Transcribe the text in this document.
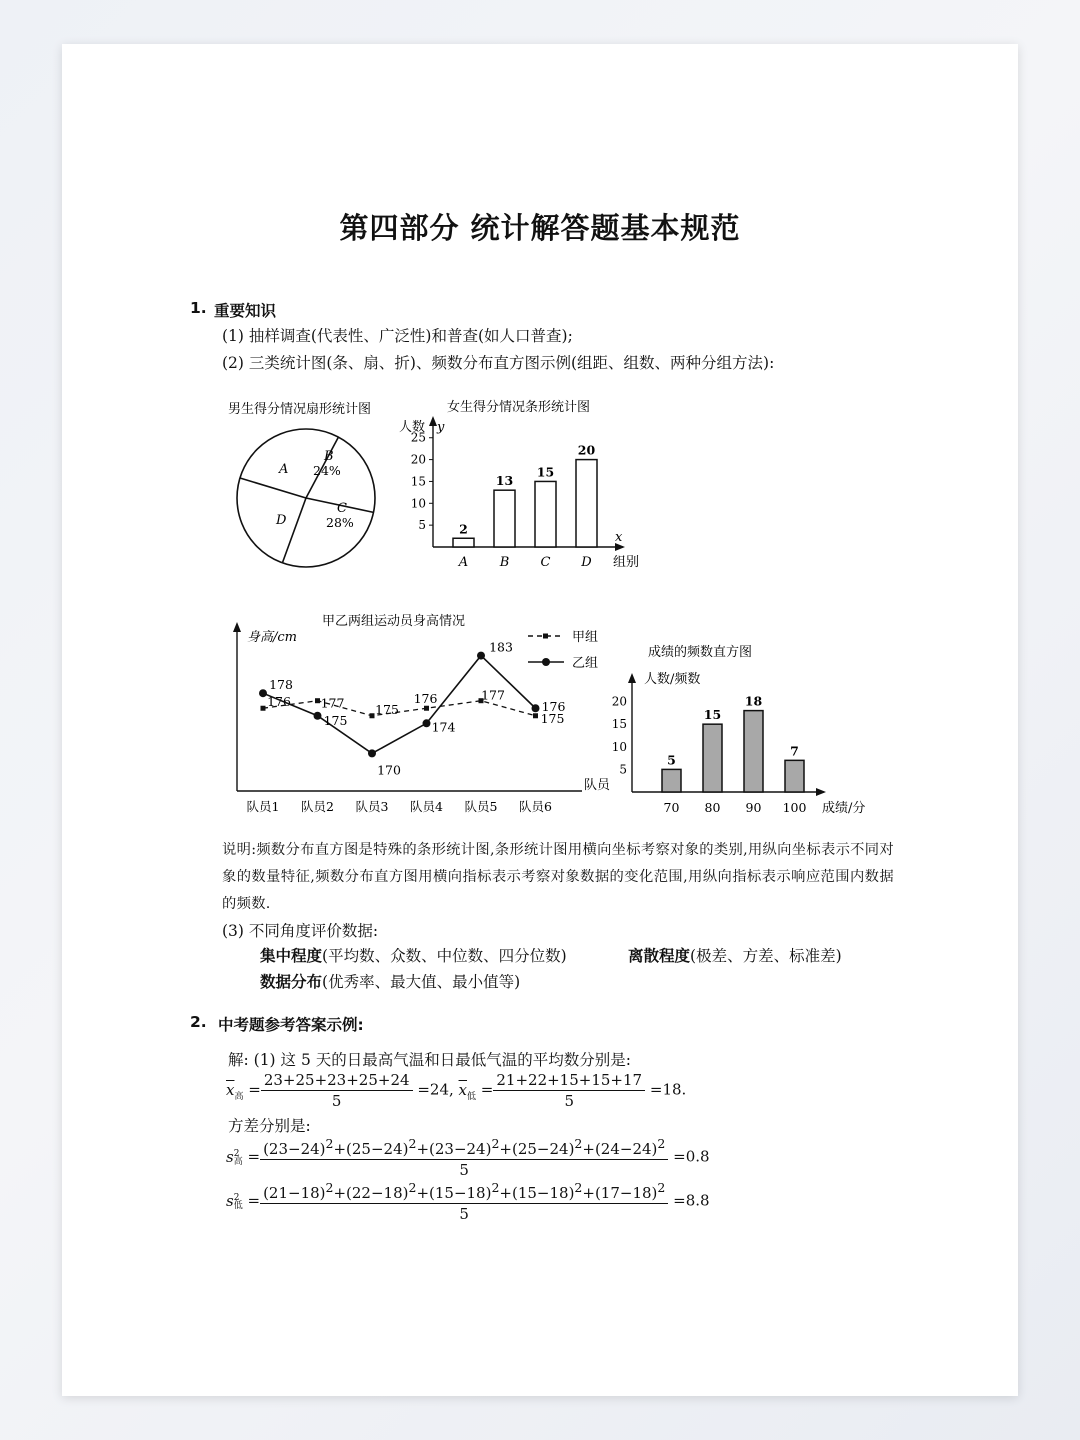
第四部分 统计解答题基本规范
1. 重要知识
(1) 抽样调查(代表性、广泛性)和普查(如人口普查);
(2) 三类统计图(条、扇、折)、频数分布直方图示例(组距、组数、两种分组方法):
男生得分情况扇形统计图
A
B
24%
C
28%
D
女生得分情况条形统计图
人数 y
x
组别
5
10
15
20
25
2
A
13
B
15
C
20
D
甲乙两组运动员身高情况
身高/cm
队员
队员1 队员2 队员3 队员4 队员5 队员6
176 177 175
176	177
175
178
175
170
174
183
176
甲组
乙组
成绩的频数直方图
人数/频数
成绩/分
5
10
15
20
5
70
15
80
18
90
7
100
说明:频数分布直方图是特殊的条形统计图,条形统计图用横向坐标考察对象的类别,用纵向坐标表示不同对象的数量特征,频数分布直方图用横向指标表示考察对象数据的变化范围,用纵向指标表示响应范围内数据的频数.
(3) 不同角度评价数据:
集中程度(平均数、众数、中位数、四分位数)	离散程度(极差、方差、标准差)
数据分布(优秀率、最大值、最小值等)
2. 中考题参考答案示例:
解: (1) 这 5 天的日最高气温和日最低气温的平均数分别是:
$\overline{x}_高 = \frac{23+25+23+25+24}{5} =24$, $\overline{x}_低 = \frac{21+22+15+15+17}{5} =18$.
方差分别是:
s 2
高 = $\frac{(23-24)^2+(25-24)^2+(23-24)^2+(25-24)^2+(24-24)^2}{5} =0.8$
s 2
低 = $\frac{(21-18)^2+(22-18)^2+(15-18)^2+(15-18)^2+(17-18)^2}{5} =8.8$
